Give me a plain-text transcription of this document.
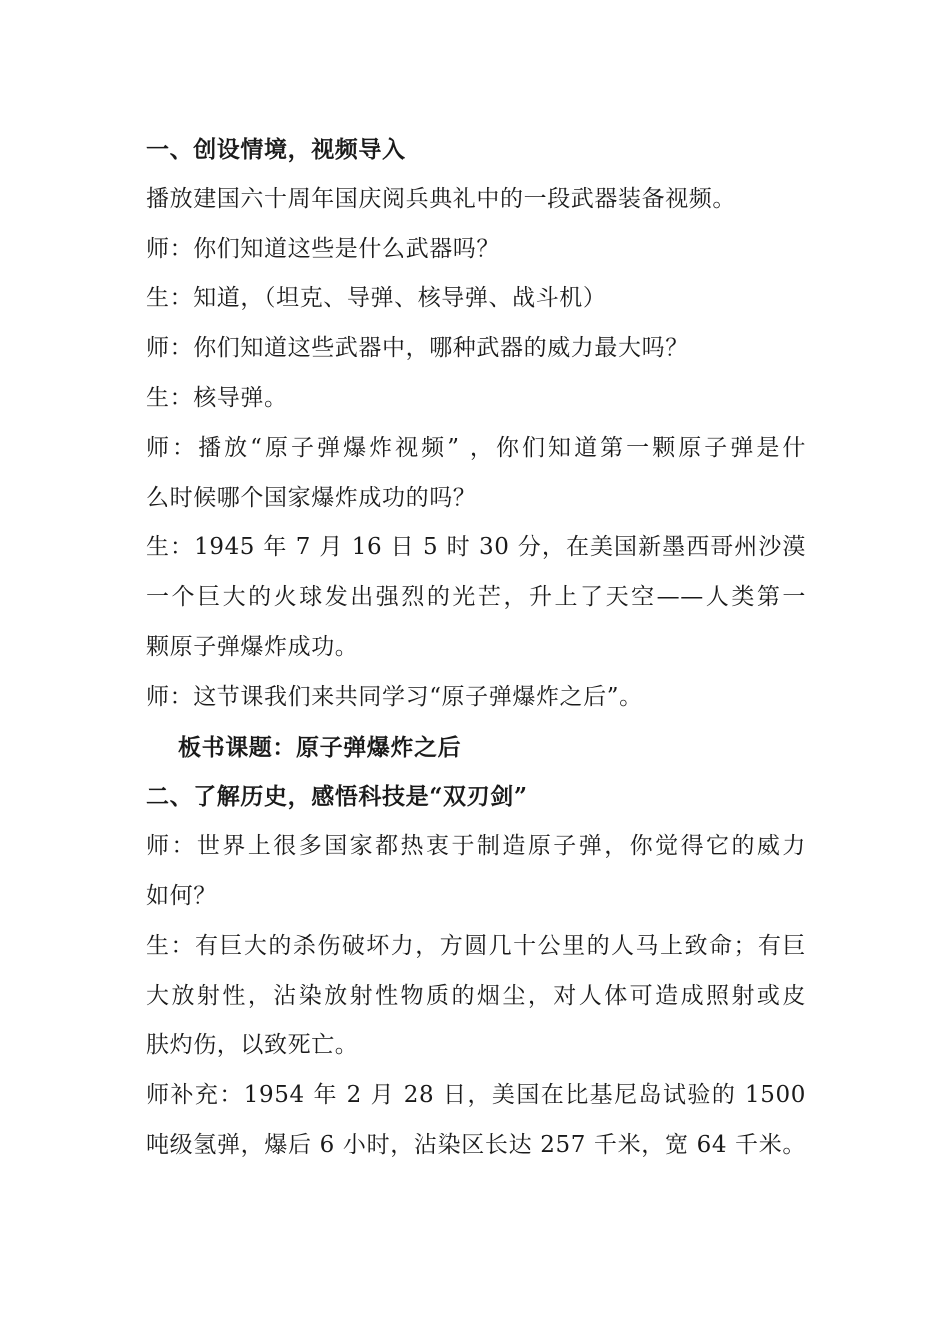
一、创设情境，视频导入
播放建国六十周年国庆阅兵典礼中的一段武器装备视频。
师：你们知道这些是什么武器吗？
生：知道，（坦克、导弹、核导弹、战斗机）
师：你们知道这些武器中，哪种武器的威力最大吗？
生：核导弹。
师：播放“原子弹爆炸视频” ，你们知道第一颗原子弹是什
么时候哪个国家爆炸成功的吗？
生：1945 年 7 月 16 日 5 时 30 分，在美国新墨西哥州沙漠
一个巨大的火球发出强烈的光芒，升上了天空——人类第一
颗原子弹爆炸成功。
师：这节课我们来共同学习“原子弹爆炸之后”。
板书课题：原子弹爆炸之后
二、了解历史，感悟科技是“双刃剑”
师：世界上很多国家都热衷于制造原子弹，你觉得它的威力
如何？
生：有巨大的杀伤破坏力，方圆几十公里的人马上致命；有巨
大放射性，沾染放射性物质的烟尘，对人体可造成照射或皮
肤灼伤，以致死亡。
师补充：1954 年 2 月 28 日，美国在比基尼岛试验的 1500
吨级氢弹，爆后 6 小时，沾染区长达 257 千米，宽 64 千米。
